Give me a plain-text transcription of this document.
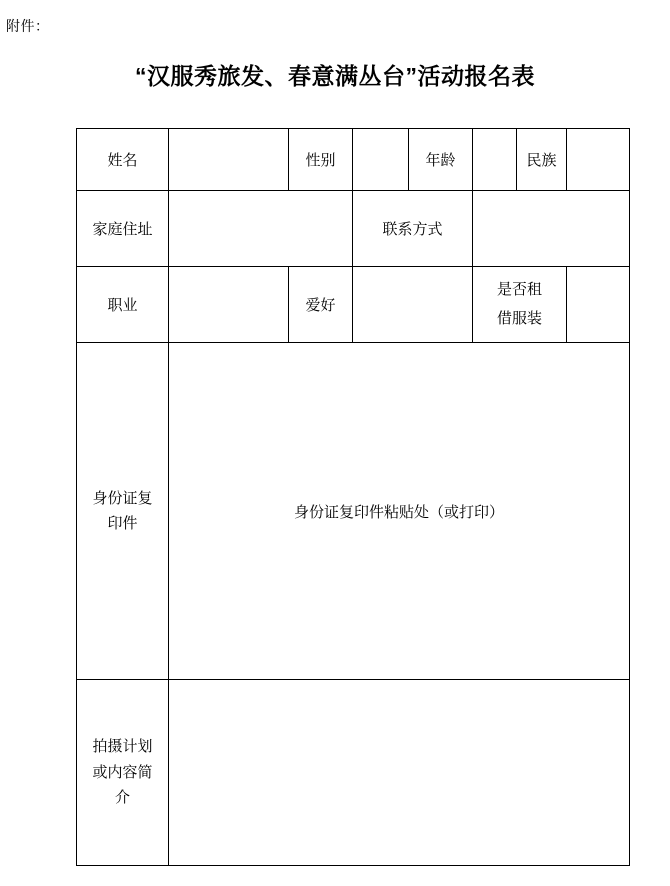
附件：
“汉服秀旅发、春意满丛台”活动报名表
姓名		性别		年龄		民族	
家庭住址			联系方式				
职业		爱好			是否租
借服装		

身份证复
印件	身份证复印件粘贴处（或打印）						

拍摄计划
或内容简
介							
